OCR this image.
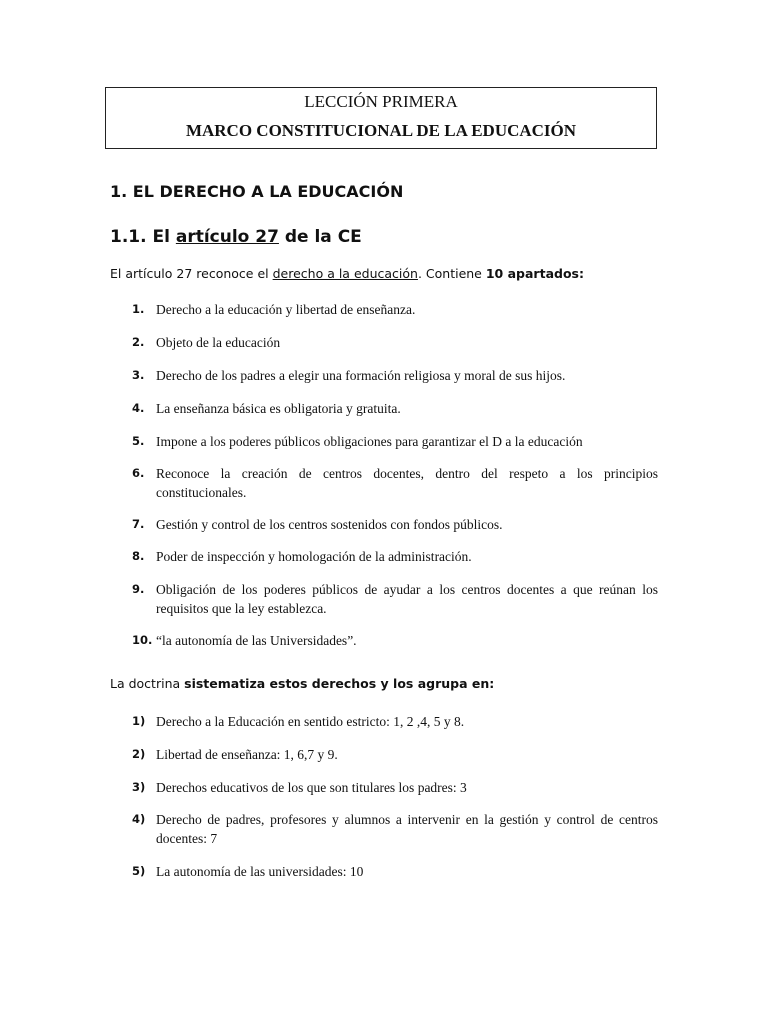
LECCIÓN PRIMERA
MARCO CONSTITUCIONAL DE LA EDUCACIÓN
1. EL DERECHO A LA EDUCACIÓN
1.1. El artículo 27 de la CE
El artículo 27 reconoce el derecho a la educación. Contiene 10 apartados:
1. Derecho a la educación y libertad de enseñanza.
2. Objeto de la educación
3. Derecho de los padres a elegir una formación religiosa y moral de sus hijos.
4. La enseñanza básica es obligatoria y gratuita.
5. Impone a los poderes públicos obligaciones para garantizar el D a la educación
6. Reconoce la creación de centros docentes, dentro del respeto a los principios constitucionales.
7. Gestión y control de los centros sostenidos con fondos públicos.
8. Poder de inspección y homologación de la administración.
9. Obligación de los poderes públicos de ayudar a los centros docentes a que reúnan los requisitos que la ley establezca.
10. “la autonomía de las Universidades”.
La doctrina sistematiza estos derechos y los agrupa en:
1) Derecho a la Educación en sentido estricto: 1, 2 ,4, 5 y 8.
2) Libertad de enseñanza: 1, 6,7 y 9.
3) Derechos educativos de los que son titulares los padres: 3
4) Derecho de padres, profesores y alumnos a intervenir en la gestión y control de centros docentes: 7
5) La autonomía de las universidades: 10
